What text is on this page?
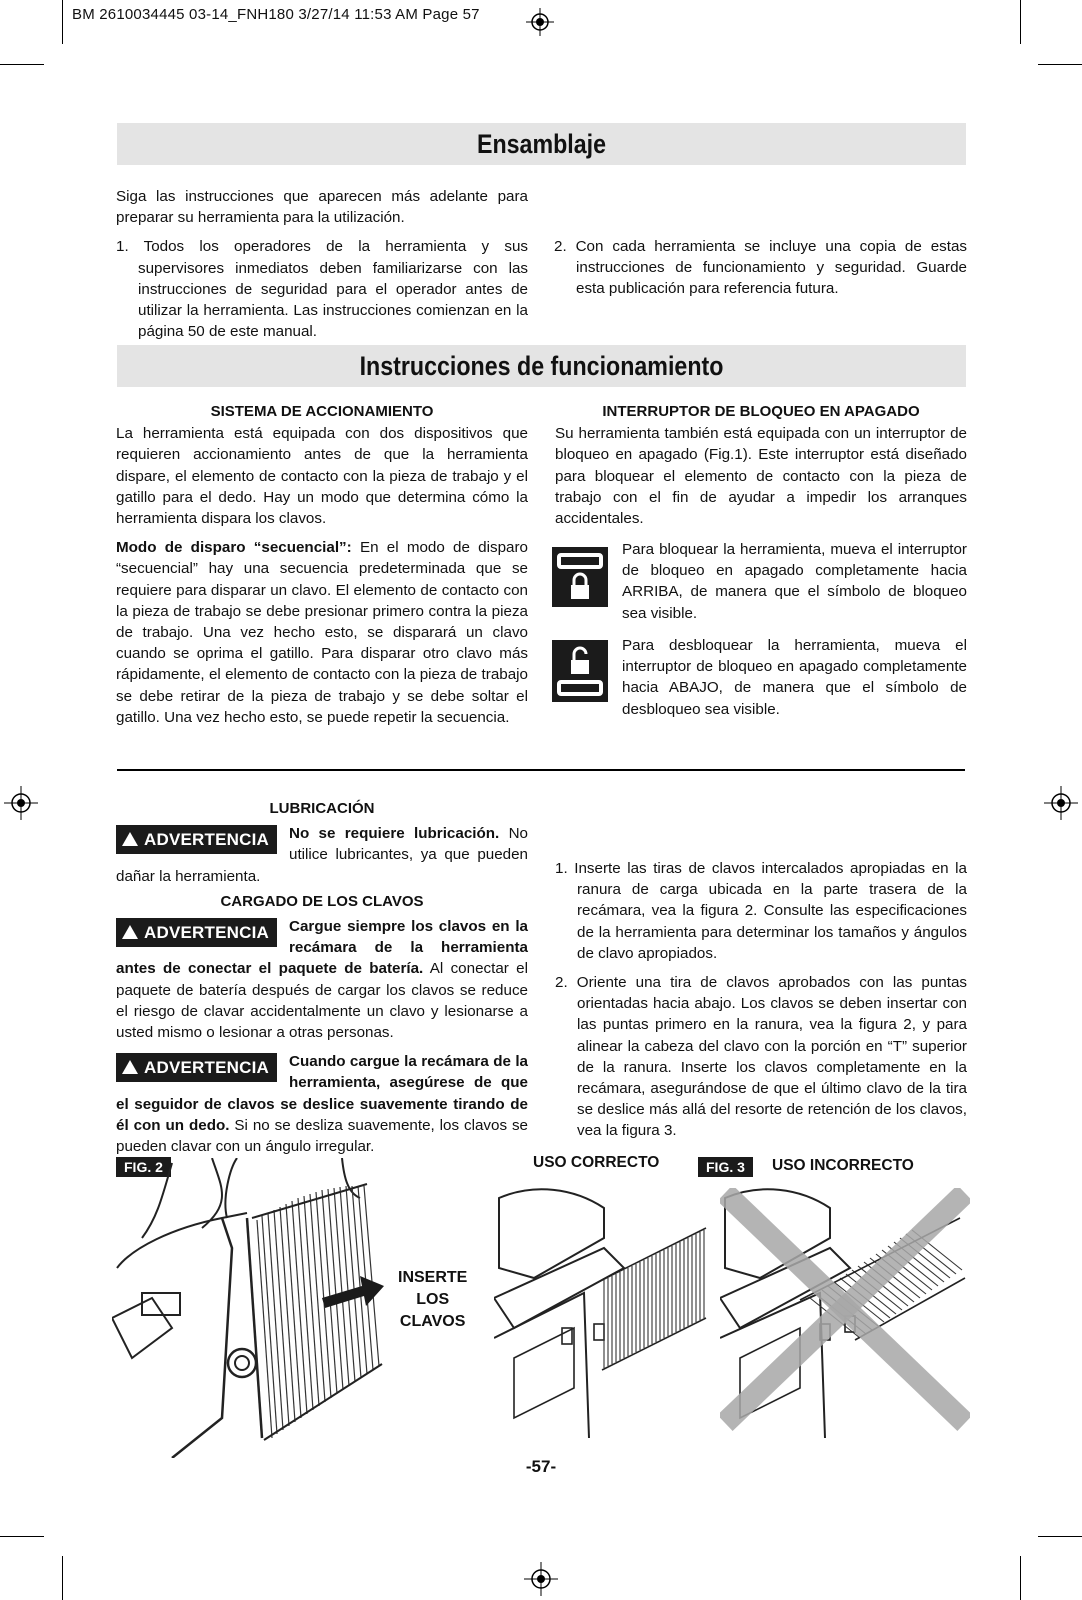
BM 2610034445 03-14_FNH180 3/27/14 11:53 AM Page 57
Ensamblaje

Siga las instrucciones que aparecen más adelante para preparar su herramienta para la utilización.

1. Todos los operadores de la herramienta y sus supervisores inmediatos deben familiarizarse con las instrucciones de seguridad para el operador antes de utilizar la herramienta. Las instrucciones comienzan en la página 50 de este manual.
2. Con cada herramienta se incluye una copia de estas instrucciones de funcionamiento y seguridad. Guarde esta publicación para referencia futura.
Instrucciones de funcionamiento

SISTEMA DE ACCIONAMIENTO

La herramienta está equipada con dos dispositivos que requieren accionamiento antes de que la herramienta dispare, el elemento de contacto con la pieza de trabajo y el gatillo para el dedo. Hay un modo que determina cómo la herramienta dispara los clavos.

Modo de disparo “secuencial”: En el modo de disparo “secuencial” hay una secuencia predeterminada que se requiere para disparar un clavo. El elemento de contacto con la pieza de trabajo se debe presionar primero contra la pieza de trabajo. Una vez hecho esto, se disparará un clavo cuando se oprima el gatillo. Para disparar otro clavo más rápidamente, el elemento de contacto con la pieza de trabajo se debe retirar de la pieza de trabajo y se debe soltar el gatillo. Una vez hecho esto, se puede repetir la secuencia.

INTERRUPTOR DE BLOQUEO EN APAGADO

Su herramienta también está equipada con un interruptor de bloqueo en apagado (Fig.1). Este interruptor está diseñado para bloquear el elemento de contacto con la pieza de trabajo con el fin de ayudar a impedir los arranques accidentales.

Para bloquear la herramienta, mueva el interruptor de bloqueo en apagado completamente hacia ARRIBA, de manera que el símbolo de bloqueo sea visible.
Para desbloquear la herramienta, mueva el interruptor de bloqueo en apagado completamente hacia ABAJO, de manera que el símbolo de desbloqueo sea visible.

LUBRICACIÓN

ADVERTENCIA	No se requiere lubricación. No utilice lubricantes, ya que pueden dañar la herramienta.

CARGADO DE LOS CLAVOS

ADVERTENCIA	Cargue siempre los clavos en la recámara de la herramienta antes de conectar el paquete de batería. Al conectar el paquete de batería después de cargar los clavos se reduce el riesgo de clavar accidentalmente un clavo y lesionarse a usted mismo o lesionar a otras personas.

ADVERTENCIA	Cuando cargue la recámara de la herramienta, asegúrese de que el seguidor de clavos se deslice suavemente tirando de él con un dedo. Si no se desliza suavemente, los clavos se pueden clavar con un ángulo irregular.

1. Inserte las tiras de clavos intercalados apropiadas en la ranura de carga ubicada en la parte trasera de la recámara, vea la figura 2. Consulte las especificaciones de la herramienta para determinar los tamaños y ángulos de clavo apropiados.
2. Oriente una tira de clavos aprobados con las puntas orientadas hacia abajo. Los clavos se deben insertar con las puntas primero en la ranura, vea la figura 2, y para alinear la cabeza del clavo con la porción en “T” superior de la ranura. Inserte los clavos completamente en la recámara, asegurándose de que el último clavo de la tira se deslice más allá del resorte de retención de los clavos, vea la figura 3.
FIG. 2	USO CORRECTO	FIG. 3	USO INCORRECTO
INSERTE
LOS
CLAVOS
-57-
